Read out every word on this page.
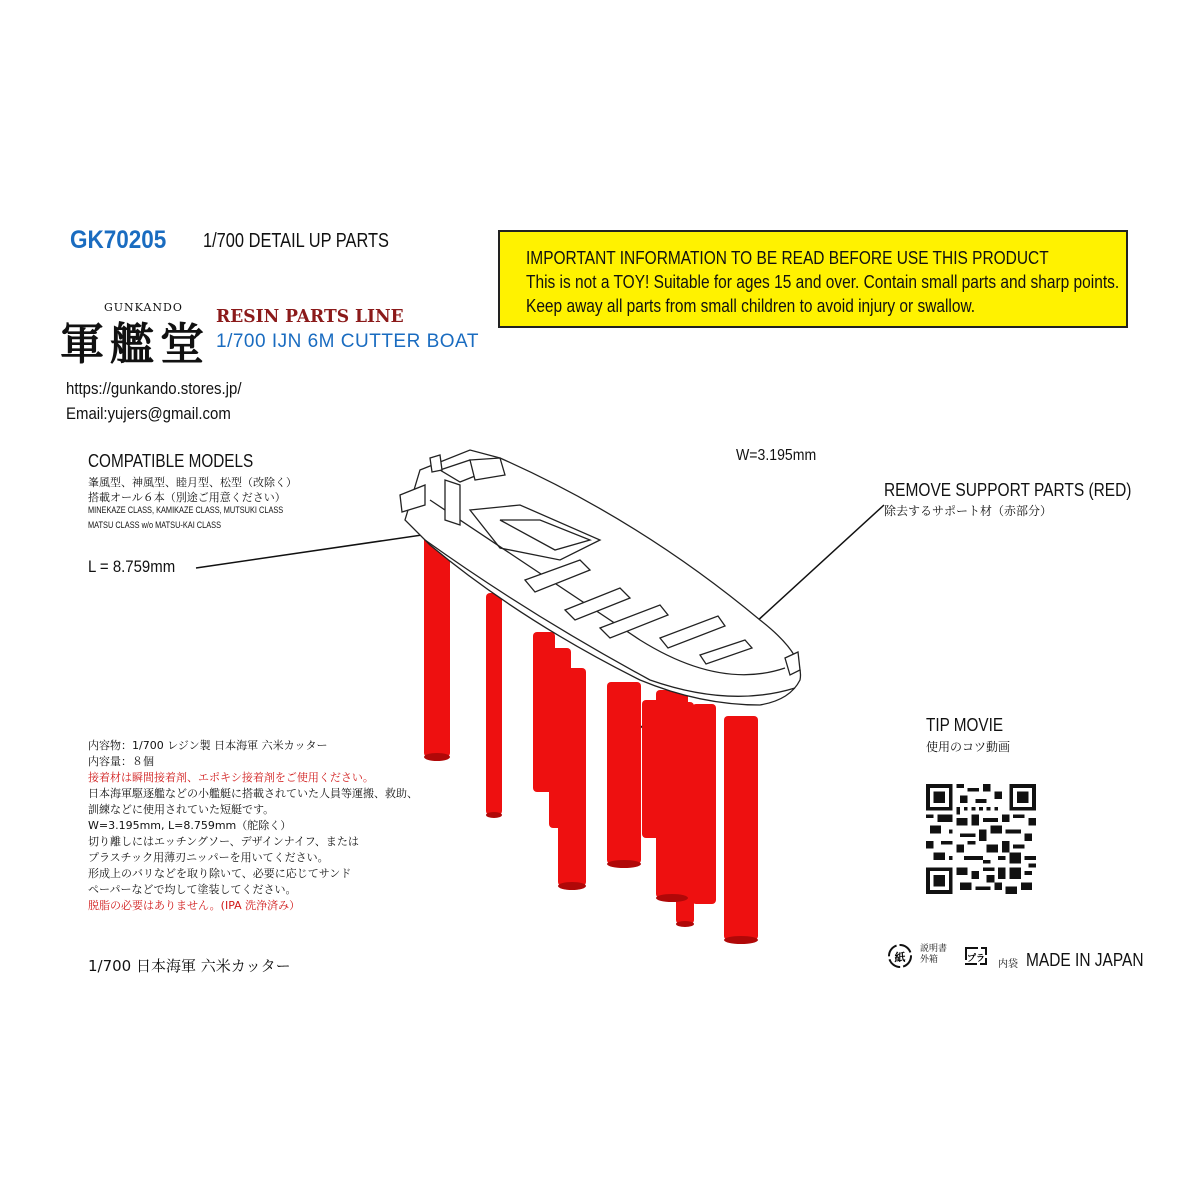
GK70205 1/700 DETAIL UP PARTS
IMPORTANT INFORMATION TO BE READ BEFORE USE THIS PRODUCT
This is not a TOY! Suitable for ages 15 and over. Contain small parts and sharp points.
Keep away all parts from small children to avoid injury or swallow.
GUNKANDO
軍艦堂
RESIN PARTS LINE
1/700 IJN 6M CUTTER BOAT
https://gunkando.stores.jp/
Email:yujers@gmail.com
COMPATIBLE MODELS
峯風型、神風型、睦月型、松型（改除く）
搭載オール６本（別途ご用意ください）
MINEKAZE CLASS, KAMIKAZE CLASS, MUTSUKI CLASS
MATSU CLASS w/o MATSU-KAI CLASS
L = 8.759mm
W=3.195mm
REMOVE SUPPORT PARTS (RED)
除去するサポート材（赤部分）
内容物：1/700 レジン製 日本海軍 六米カッター
内容量：８個
接着材は瞬間接着剤、エポキシ接着剤をご使用ください。
日本海軍駆逐艦などの小艦艇に搭載されていた人員等運搬、救助、
訓練などに使用されていた短艇です。
W=3.195mm, L=8.759mm（舵除く）
切り離しにはエッチングソー、デザインナイフ、または
プラスチック用薄刃ニッパーを用いてください。
形成上のバリなどを取り除いて、必要に応じてサンド
ペーパーなどで均して塗装してください。
脱脂の必要はありません。(IPA 洗浄済み）
TIP MOVIE
使用のコツ動画
1/700 日本海軍 六米カッター	紙
説明書 外箱	プラ 内袋 MADE IN JAPAN
